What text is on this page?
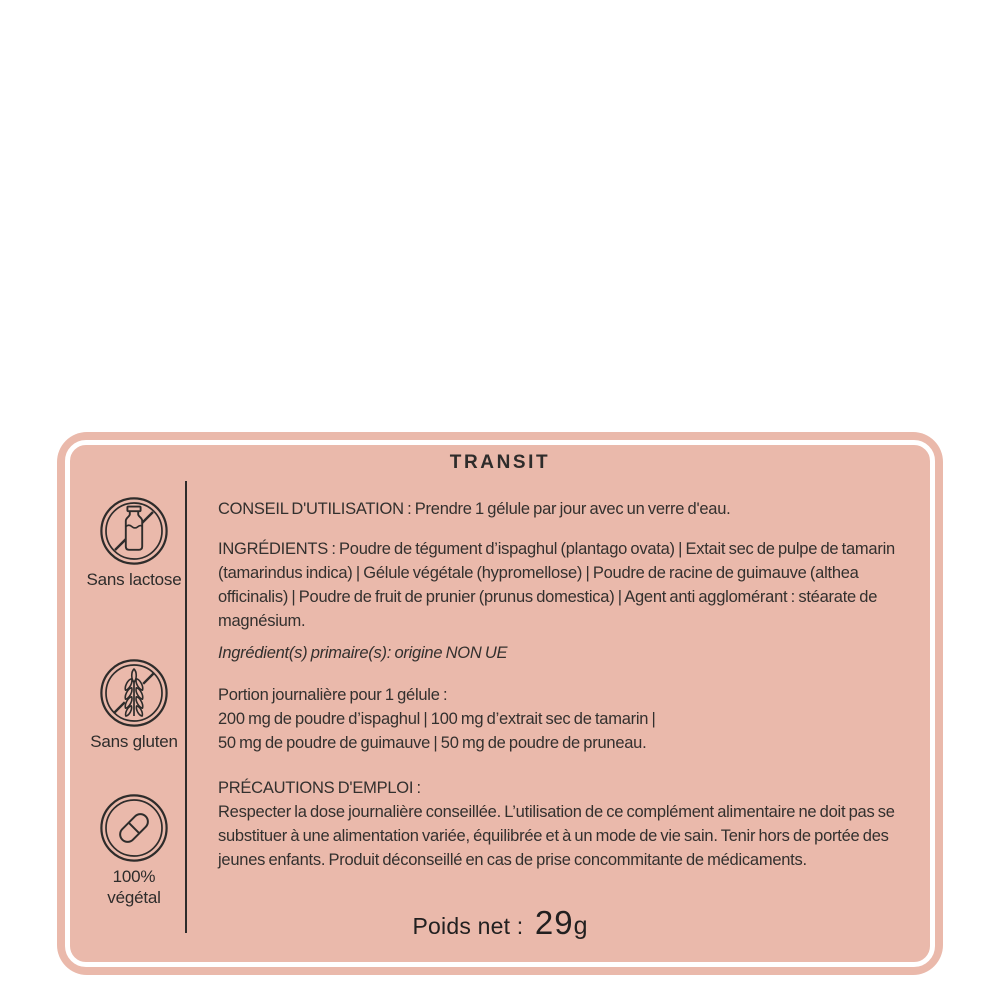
TRANSIT
Sans lactose
Sans gluten
100%
végétal
CONSEIL D'UTILISATION : Prendre 1 gélule par jour avec un verre d'eau.
INGRÉDIENTS : Poudre de tégument d’ispaghul (plantago ovata) | Extait sec de pulpe de tamarin (tamarindus indica) | Gélule végétale (hypromellose) | Poudre de racine de guimauve (althea officinalis) | Poudre de fruit de prunier (prunus domestica) | Agent anti agglomérant : stéarate de magnésium.
Ingrédient(s) primaire(s): origine NON UE
Portion journalière pour 1 gélule :
200 mg de poudre d’ispaghul | 100 mg d’extrait sec de tamarin |
50 mg de poudre de guimauve | 50 mg de poudre de pruneau.
PRÉCAUTIONS D'EMPLOI :
Respecter la dose journalière conseillée. L’utilisation de ce complément alimentaire ne doit pas se substituer à une alimentation variée, équilibrée et à un mode de vie sain. Tenir hors de portée des jeunes enfants. Produit déconseillé en cas de prise concommitante de médicaments.
Poids net : 29g
